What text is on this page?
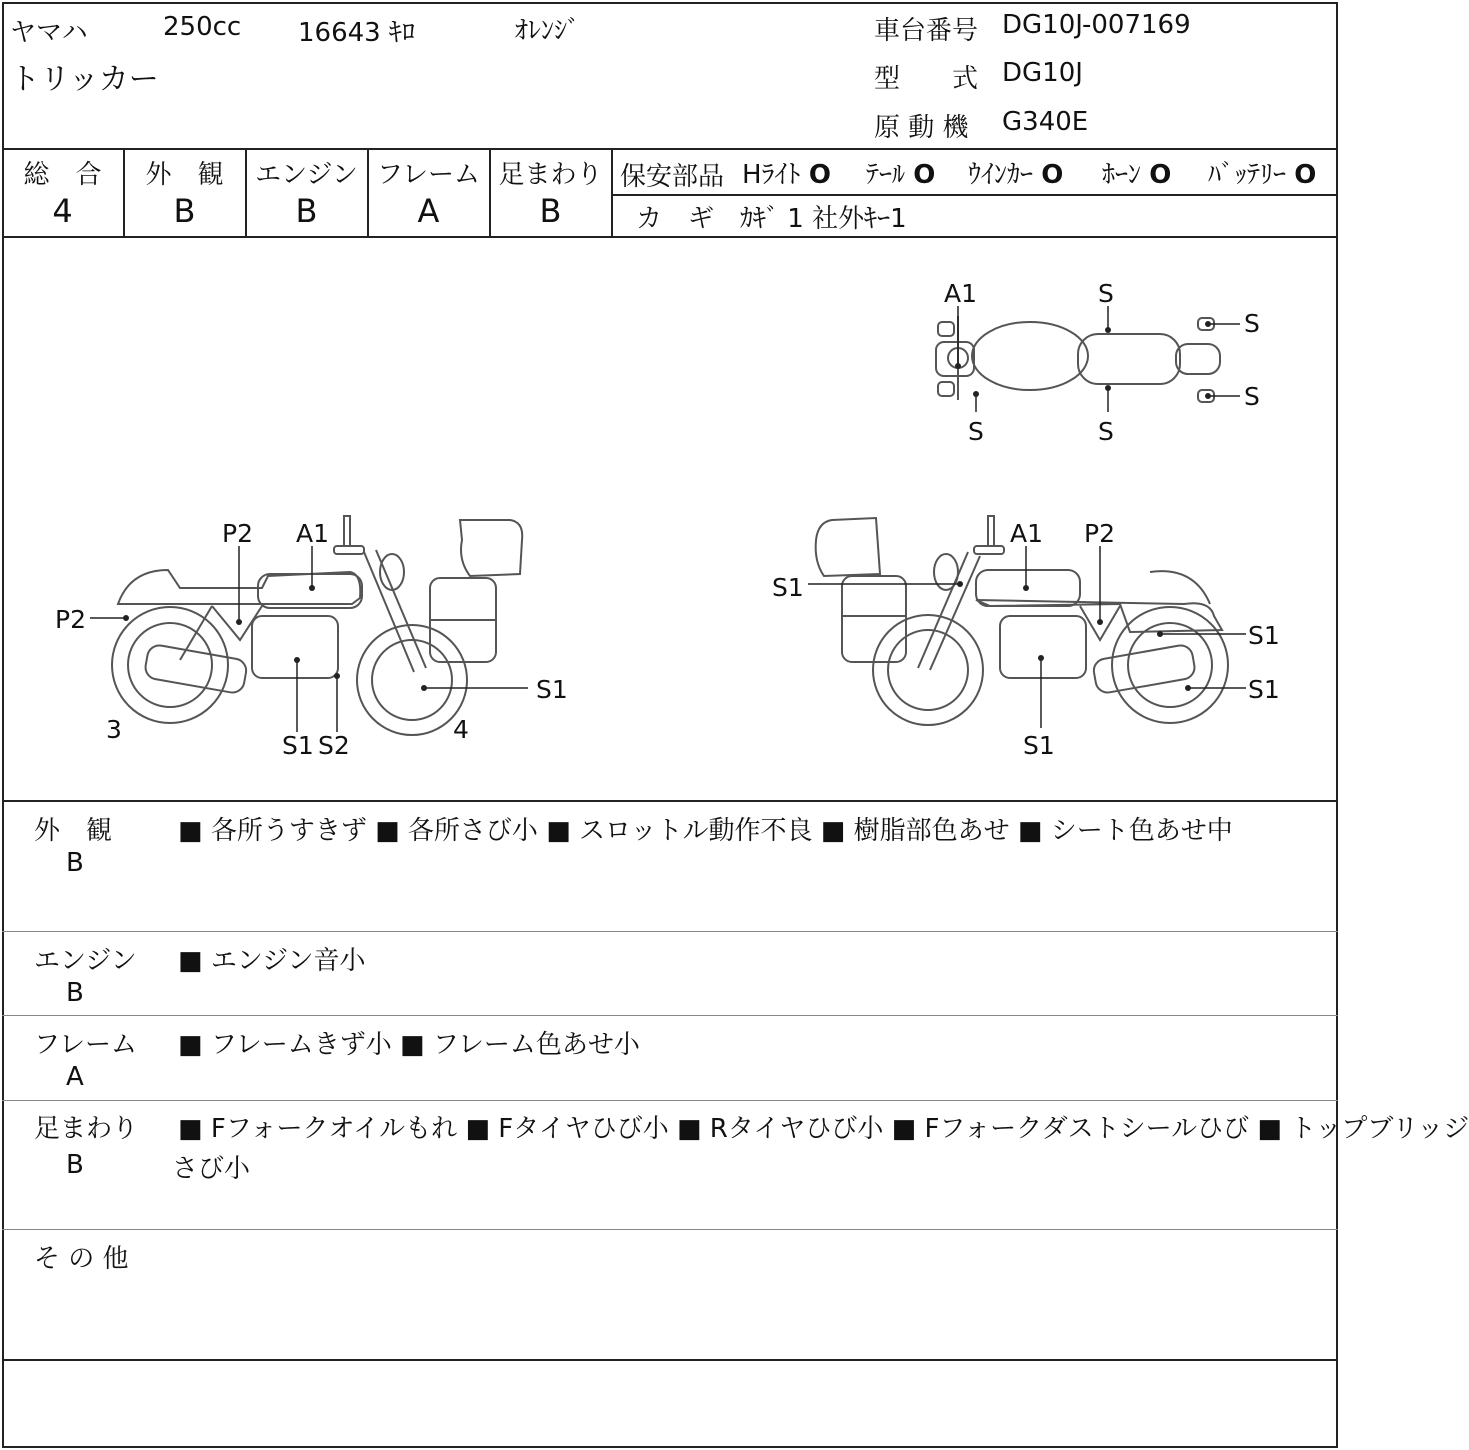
ヤマハ	250cc 16643 ｷﾛ	ｵﾚﾝｼﾞ
トリッカー
車台番号 DG10J-007169
型　　式 DG10J
原 動 機 G340E
総　合
4
外　観
B
エンジン
B
フレーム
A
足まわり
B
保安部品 Hﾗｲﾄ O ﾃｰﾙ O ｳｲﾝｶｰ O ﾎｰﾝ O ﾊﾞｯﾃﾘｰ O
カ　ギ ｶｷﾞ 1 社外ｷｰ1
A1	S
S
S
S	S
P2 A1
P2
S1
S1 S2
3	4
A1 P2
S1
S1
S1
S1
外　観
B
■ 各所うすきず ■ 各所さび小 ■ スロットル動作不良 ■ 樹脂部色あせ ■ シート色あせ中
エンジン
B
■ エンジン音小
フレーム
A
■ フレームきず小 ■ フレーム色あせ小
足まわり
B
■ Fフォークオイルもれ ■ Fタイヤひび小 ■ Rタイヤひび小 ■ Fフォークダストシールひび ■ トップブリッジ
さび小
そ の 他
